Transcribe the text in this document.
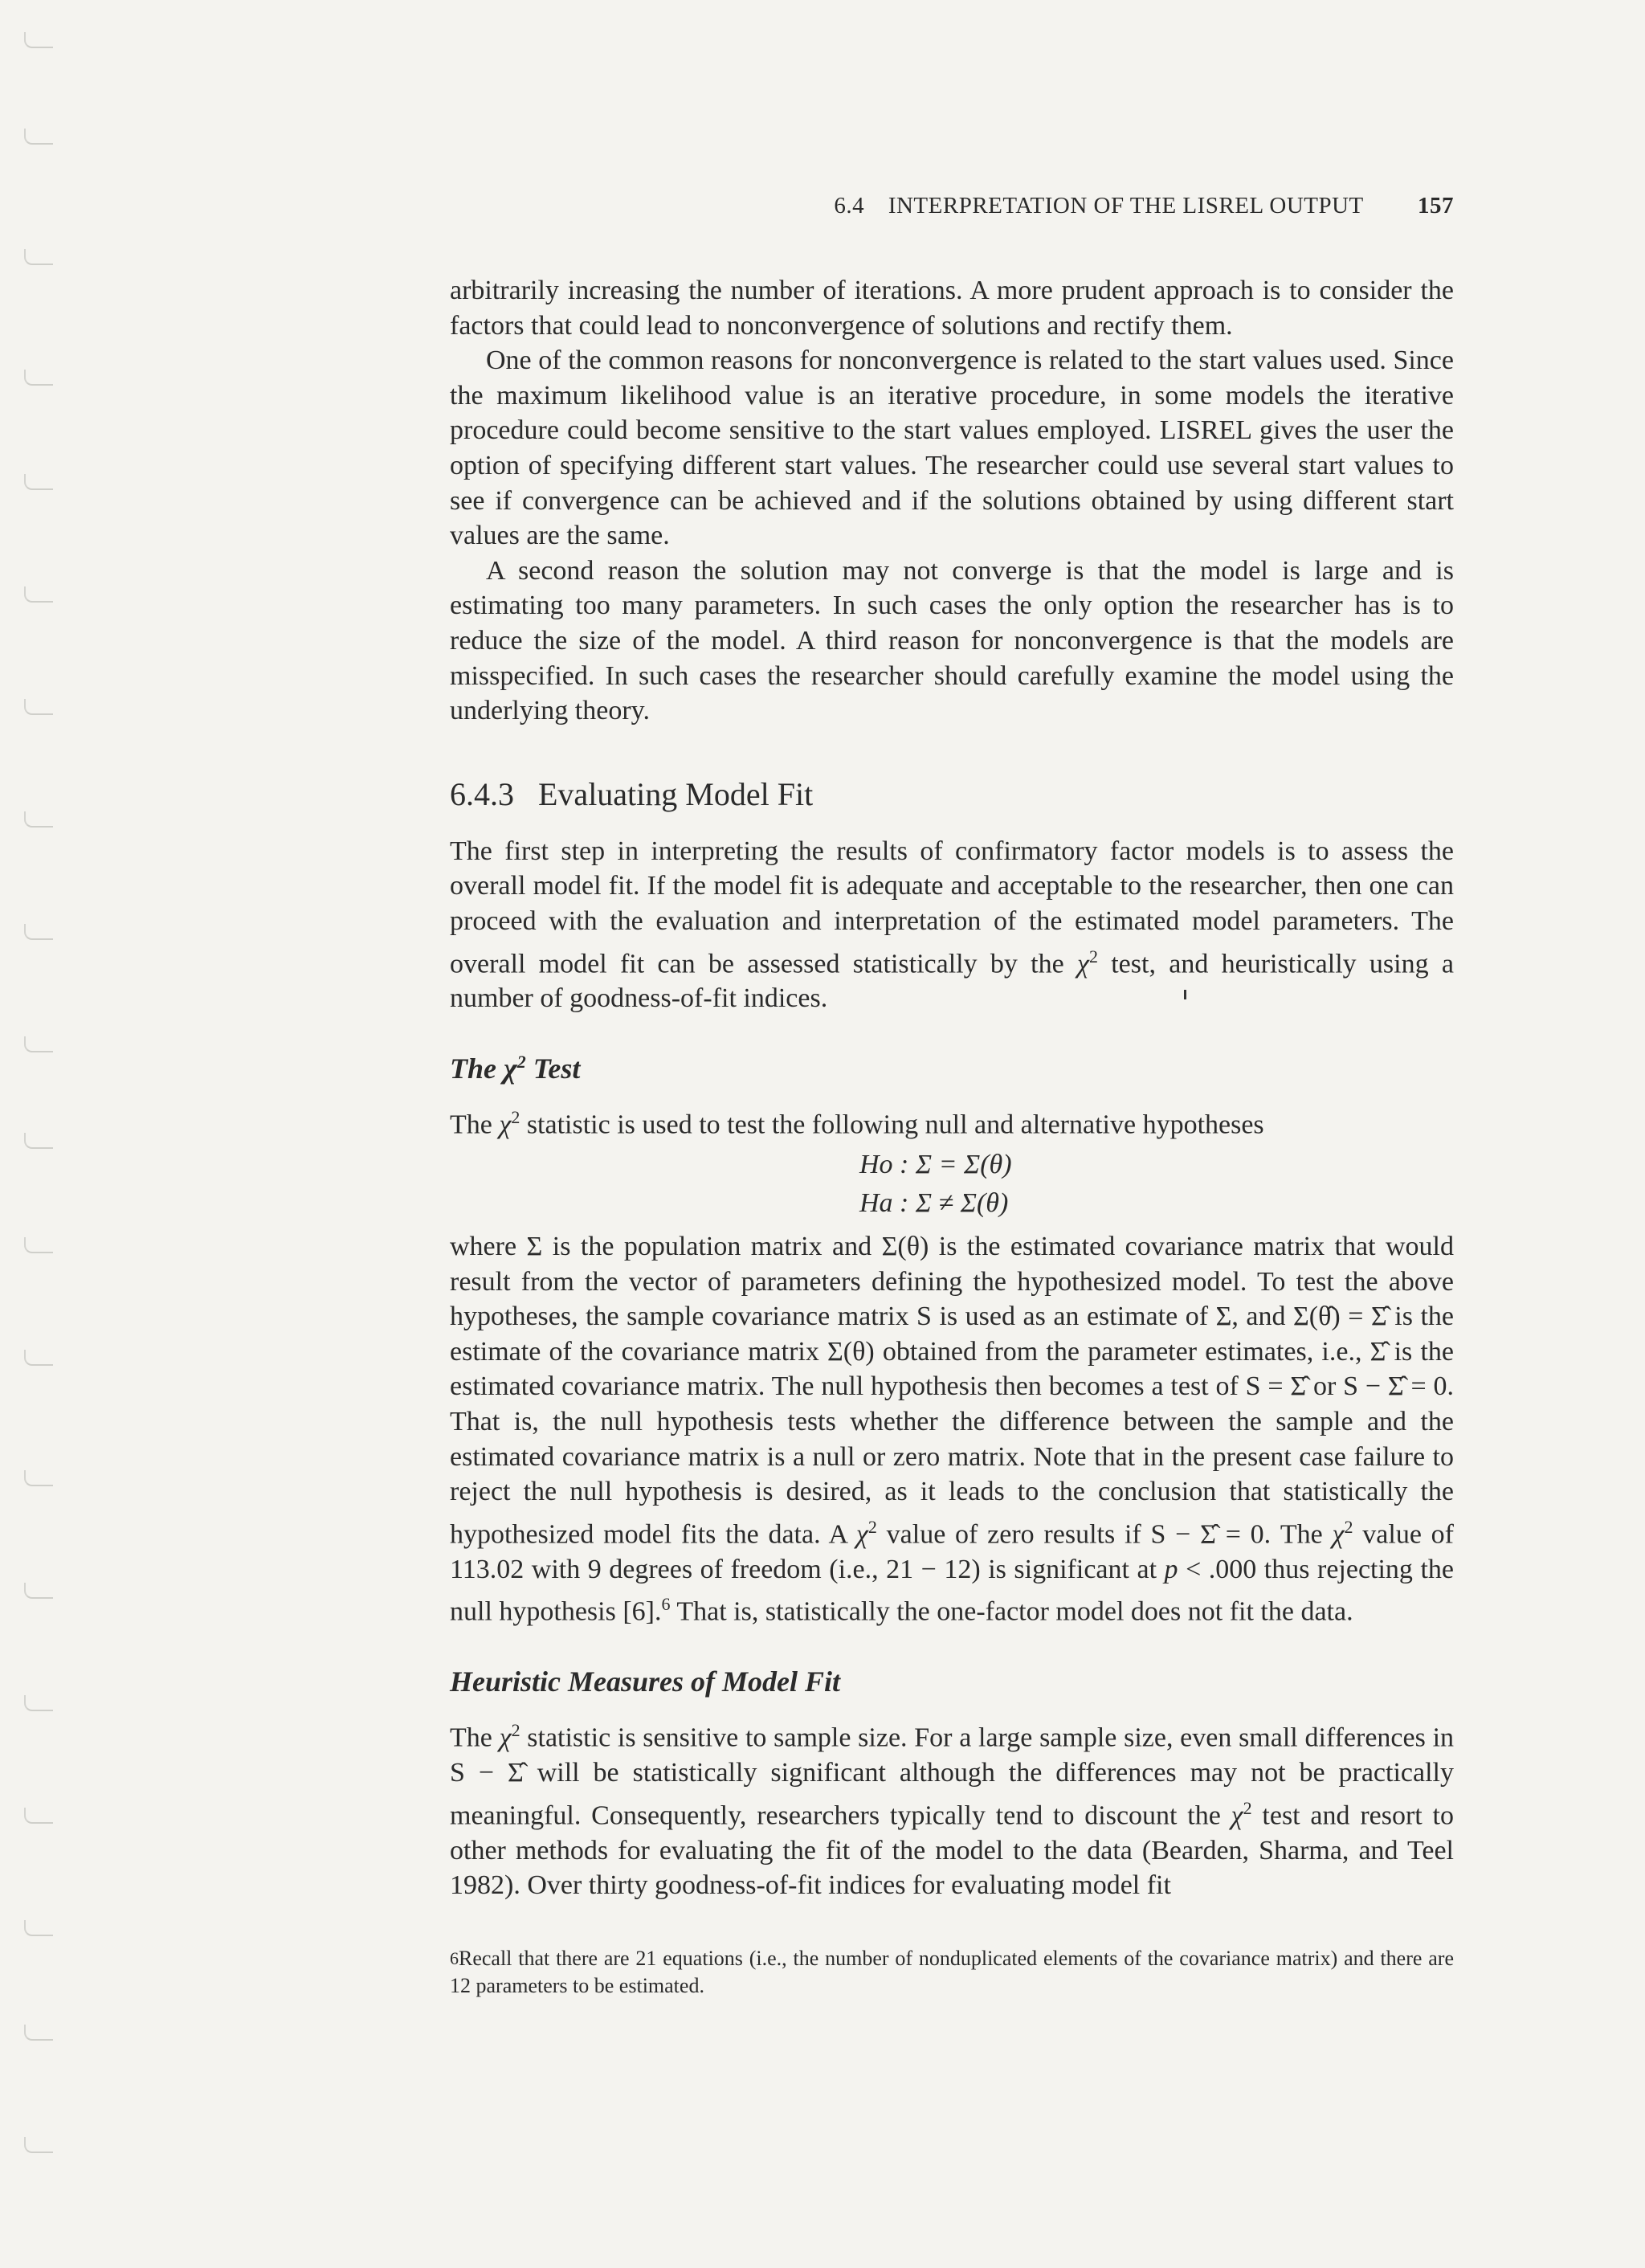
6.4 INTERPRETATION OF THE LISREL OUTPUT 157

arbitrarily increasing the number of iterations. A more prudent approach is to consider the factors that could lead to nonconvergence of solutions and rectify them.

One of the common reasons for nonconvergence is related to the start values used. Since the maximum likelihood value is an iterative procedure, in some models the iterative procedure could become sensitive to the start values employed. LISREL gives the user the option of specifying different start values. The researcher could use several start values to see if convergence can be achieved and if the solutions obtained by using different start values are the same.

A second reason the solution may not converge is that the model is large and is estimating too many parameters. In such cases the only option the researcher has is to reduce the size of the model. A third reason for nonconvergence is that the models are misspecified. In such cases the researcher should carefully examine the model using the underlying theory.

6.4.3 Evaluating Model Fit

The first step in interpreting the results of confirmatory factor models is to assess the overall model fit. If the model fit is adequate and acceptable to the researcher, then one can proceed with the evaluation and interpretation of the estimated model parameters. The overall model fit can be assessed statistically by the $\chi^2$ test, and heuristically using a number of goodness-of-fit indices.

The $\chi^2$ Test

The $\chi^2$ statistic is used to test the following null and alternative hypotheses

Ho : Σ = Σ(θ)
Ha : Σ ≠ Σ(θ)

where Σ is the population matrix and Σ(θ) is the estimated covariance matrix that would result from the vector of parameters defining the hypothesized model. To test the above hypotheses, the sample covariance matrix S is used as an estimate of Σ, and Σ(θ̂) = Σ̂ is the estimate of the covariance matrix Σ(θ) obtained from the parameter estimates, i.e., Σ̂ is the estimated covariance matrix. The null hypothesis then becomes a test of S = Σ̂ or S − Σ̂ = 0. That is, the null hypothesis tests whether the difference between the sample and the estimated covariance matrix is a null or zero matrix. Note that in the present case failure to reject the null hypothesis is desired, as it leads to the conclusion that statistically the hypothesized model fits the data. A $\chi^2$ value of zero results if S − Σ̂ = 0. The $\chi^2$ value of 113.02 with 9 degrees of freedom (i.e., 21 − 12) is significant at p < .000 thus rejecting the null hypothesis [6].$^6$ That is, statistically the one-factor model does not fit the data.

Heuristic Measures of Model Fit

The $\chi^2$ statistic is sensitive to sample size. For a large sample size, even small differences in S − Σ̂ will be statistically significant although the differences may not be practically meaningful. Consequently, researchers typically tend to discount the $\chi^2$ test and resort to other methods for evaluating the fit of the model to the data (Bearden, Sharma, and Teel 1982). Over thirty goodness-of-fit indices for evaluating model fit

$^6$Recall that there are 21 equations (i.e., the number of nonduplicated elements of the covariance matrix) and there are 12 parameters to be estimated.
